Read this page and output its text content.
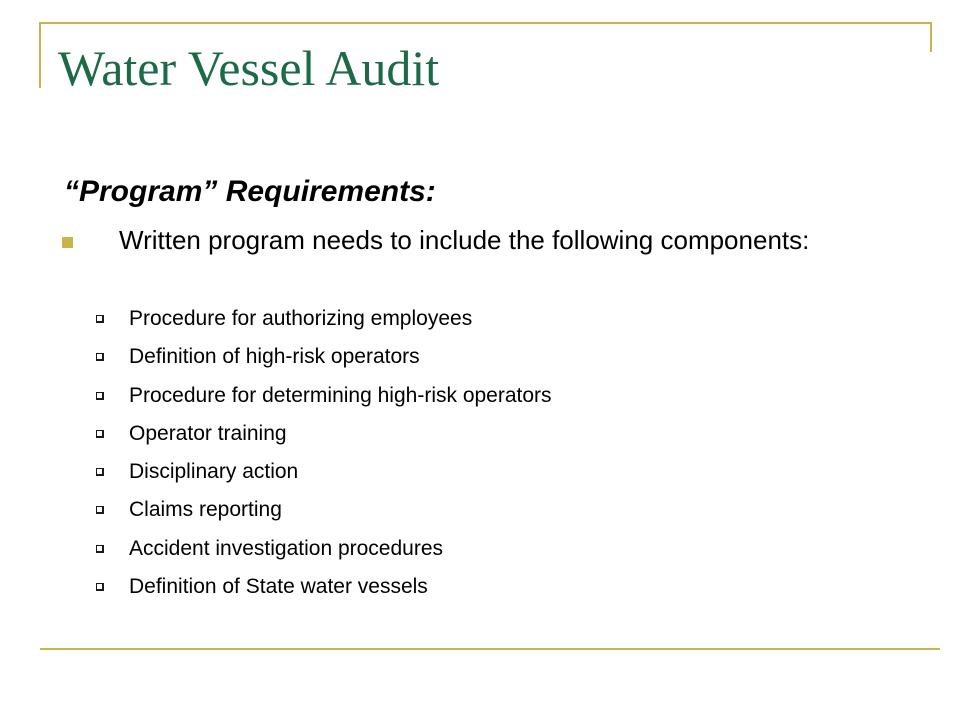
Water Vessel Audit
“Program” Requirements:
Written program needs to include the following components:
Procedure for authorizing employees
Definition of high-risk operators
Procedure for determining high-risk operators
Operator training
Disciplinary action
Claims reporting
Accident investigation procedures
Definition of State water vessels
